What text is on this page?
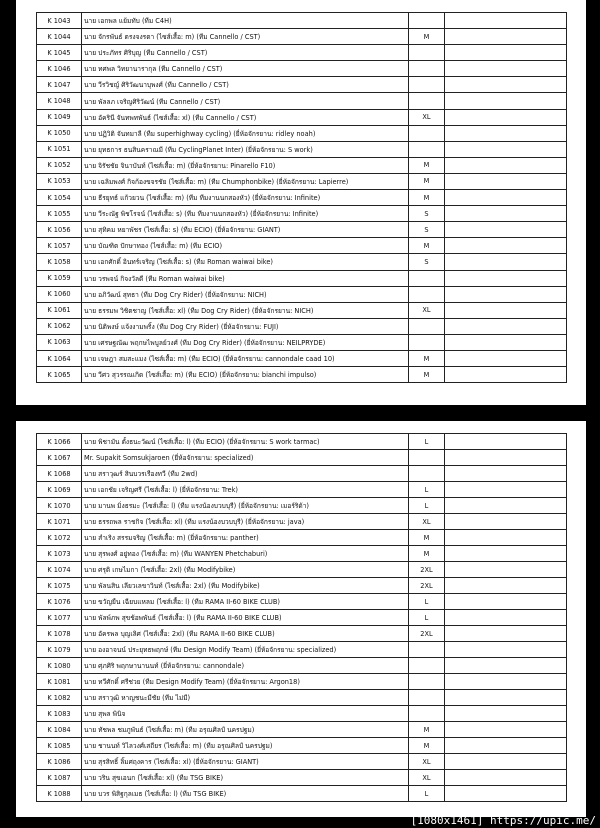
K 1043	นาย เอกพล แย้มทับ (ทีม C4H)		
K 1044	นาย จักรพันธ์ ตรงจงรตา (ไซส์เสื้อ: m) (ทีม Cannello / CST)	M	
K 1045	นาย ประภัทร ศิริบุญ (ทีม Cannello / CST)		
K 1046	นาย ทศพล วิทยานารากุล (ทีม Cannello / CST)		
K 1047	นาย วีรวิชญ์ ศิริวัฒนาบุพงศ์ (ทีม Cannello / CST)		
K 1048	นาย พัลลภ เจริญศิริวัฒน์ (ทีม Cannello / CST)		
K 1049	นาย อัครินี จันทพทพันธ์ (ไซส์เสื้อ: xl) (ทีม Cannello / CST)	XL	
K 1050	นาย ปฏิวิติ จันทมาลี (ทีม superhighway cycling) (ยี่ห้อจักรยาน: ridley noah)		
K 1051	นาย ยุทธการ ธนสินคราณมี (ทีม CyclingPlanet Inter) (ยี่ห้อจักรยาน: S work)		
K 1052	นาย จิรัชชัย จินาบันท์ (ไซส์เสื้อ: m) (ยี่ห้อจักรยาน: Pinarello F10)	M	
K 1053	นาย เฉลิมพงศ์ กิจก้องขจรชัย (ไซส์เสื้อ: m) (ทีม Chumphonbike) (ยี่ห้อจักรยาน: Lapierre)	M	
K 1054	นาย ธีรยุทธ์ แก้วยวน (ไซส์เสื้อ: m) (ทีม ทีมงานนกสองหัว) (ยี่ห้อจักรยาน: Infinite)	M	
K 1055	นาย วีระณัฐ พิชโรจน์ (ไซส์เสื้อ: s) (ทีม ทีมงานนกสองหัว) (ยี่ห้อจักรยาน: Infinite)	S	
K 1056	นาย สุทิคม หยาพัชร (ไซส์เสื้อ: s) (ทีม ECIO) (ยี่ห้อจักรยาน: GIANT)	S	
K 1057	นาย บัณฑิต ปักษาทอง (ไซส์เสื้อ: m) (ทีม ECIO)	M	
K 1058	นาย เอกศักดิ์ อินทร์เจริญ (ไซส์เสื้อ: s) (ทีม Roman waiwai bike)	S	
K 1059	นาย วรพจน์ กิจงวัลดี (ทีม Roman waiwai bike)		
K 1060	นาย อภิวัฒน์ สุทธา (ทีม Dog Cry Rider) (ยี่ห้อจักรยาน: NICH)		
K 1061	นาย ธรรมพ วิชิตชาญ (ไซส์เสื้อ: xl) (ทีม Dog Cry Rider) (ยี่ห้อจักรยาน: NICH)	XL	
K 1062	นาย นิติพงษ์ แจ้งงามพริ้ง (ทีม Dog Cry Rider) (ยี่ห้อจักรยาน: FUJI)		
K 1063	นาย เศรษฐณัฒ พฤกษไพบูลย์วงศ์ (ทีม Dog Cry Rider) (ยี่ห้อจักรยาน: NEILPRYDE)		
K 1064	นาย เจษฎา สมสะแมง (ไซส์เสื้อ: m) (ทีม ECIO) (ยี่ห้อจักรยาน: cannondale caad 10)	M	
K 1065	นาย วีศว สุวรรณเกิด (ไซส์เสื้อ: m) (ทีม ECIO) (ยี่ห้อจักรยาน: bianchi impulso)	M	
K 1066	นาย พิชามัน ตั้งธนะวัฒน์ (ไซส์เสื้อ: l) (ทีม ECIO) (ยี่ห้อจักรยาน: S work tarmac)	L	
K 1067	Mr. Supakit Somsukjaroen (ยี่ห้อจักรยาน: specialized)		
K 1068	นาย สราวุฒร์ สินบวรเรืองทวี (ทีม 2wd)		
K 1069	นาย เอกชัย เจริญศรี (ไซส์เสื้อ: l) (ยี่ห้อจักรยาน: Trek)	L	
K 1070	นาย มานพ มิ่งธรมะ (ไซส์เสื้อ: l) (ทีม แรงน้องบวบบุรี) (ยี่ห้อจักรยาน: เมอร์ริด้า)	L	
K 1071	นาย ธรรถพล ราชกิจ (ไซส์เสื้อ: xl) (ทีม แรงน้องบวบบุรี) (ยี่ห้อจักรยาน: java)	XL	
K 1072	นาย สำเริง สรรมจริญ (ไซส์เสื้อ: m) (ยี่ห้อจักรยาน: panther)	M	
K 1073	นาย สุรพงศ์ อยู่ทอง (ไซส์เสื้อ: m) (ทีม WANYEN Phetchaburi)	M	
K 1074	นาย ศรุติ เกษไมกา (ไซส์เสื้อ: 2xl) (ทีม Modifybike)	2XL	
K 1075	นาย พัลนสิน เลียวเลขาวินท์ (ไซส์เสื้อ: 2xl) (ทีม Modifybike)	2XL	
K 1076	นาย ขวัญยืน เฉียบแหลม (ไซส์เสื้อ: l) (ทีม RAMA II-60 BIKE CLUB)	L	
K 1077	นาย พัลพ์ภพ สุขช้อพพันธ์ (ไซส์เสื้อ: l) (ทีม RAMA II-60 BIKE CLUB)	L	
K 1078	นาย อัครพล บุญเลิศ (ไซส์เสื้อ: 2xl) (ทีม RAMA II-60 BIKE CLUB)	2XL	
K 1079	นาย องอาจนน์ ประยุทธพฤกษ์ (ทีม Design Modify Team) (ยี่ห้อจักรยาน: specialized)		
K 1080	นาย ศุภศิริ พฤกษานานนท์ (ยี่ห้อจักรยาน: cannondale)		
K 1081	นาย ทวีศักดิ์ ศรีช่วย (ทีม Design Modify Team) (ยี่ห้อจักรยาน: Argon18)		
K 1082	นาย สราวุฒิ หาญชนะมีชัย (ทีม ไม่มี)		
K 1083	นาย สุพล พินิจ		
K 1084	นาย ทัชพล ชมภูพันธ์ (ไซส์เสื้อ: m) (ทีม อรุณศิลป์ นครปฐม)	M	
K 1085	นาย ชานนท์ วิไลวงศ์เสถียร (ไซส์เสื้อ: m) (ทีม อรุณศิลป์ นครปฐม)	M	
K 1086	นาย สุรสิทธิ์ ลิ้มศฤงคาร (ไซส์เสื้อ: xl) (ยี่ห้อจักรยาน: GIANT)	XL	
K 1087	นาย วริน สุขเอนก (ไซส์เสื้อ: xl) (ทีม TSG BIKE)	XL	
K 1088	นาย บวร พิสิฐกุลเมธ (ไซส์เสื้อ: l) (ทีม TSG BIKE)	L	
[1080x1461] https://upic.me/
